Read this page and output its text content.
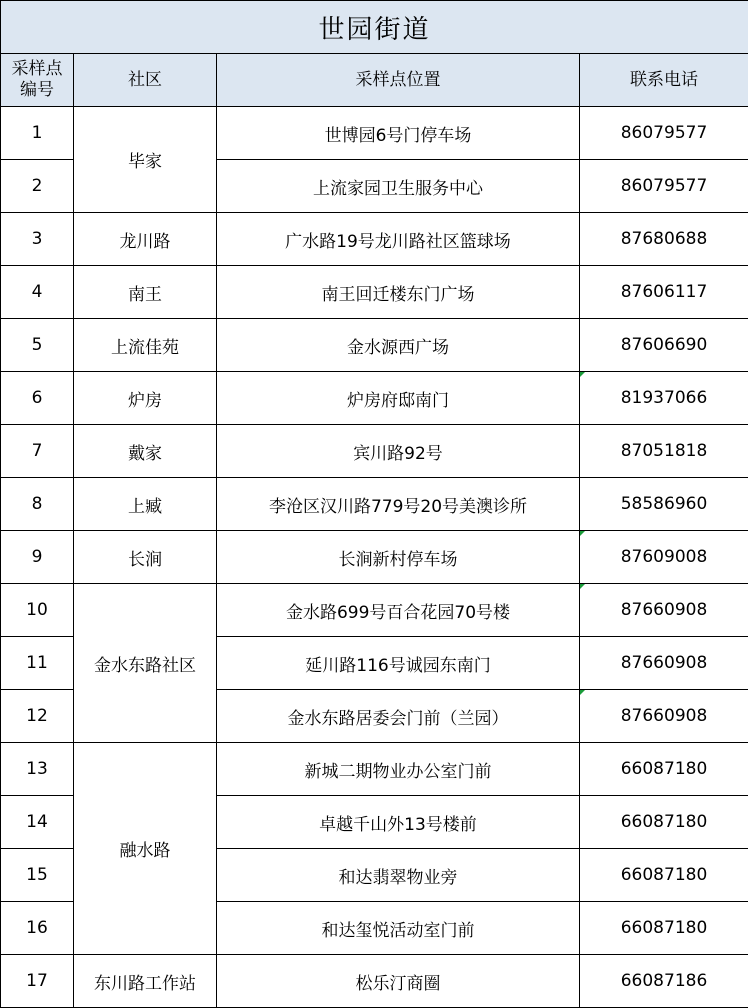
世园街道			
采样点编号	社区	采样点位置	联系电话
1	毕家	世博园6号门停车场	86079577
2		上流家园卫生服务中心	86079577
3	龙川路	广水路19号龙川路社区篮球场	87680688
4	南王	南王回迁楼东门广场	87606117
5	上流佳苑	金水源西广场	87606690
6	炉房	炉房府邸南门	81937066
7	戴家	宾川路92号	87051818
8	上臧	李沧区汉川路779号20号美澳诊所	58586960
9	长涧	长涧新村停车场	87609008
10	金水东路社区	金水路699号百合花园70号楼	87660908
11		延川路116号诚园东南门	87660908
12		金水东路居委会门前（兰园）	87660908
13	融水路	新城二期物业办公室门前	66087180
14		卓越千山外13号楼前	66087180
15		和达翡翠物业旁	66087180
16		和达玺悦活动室门前	66087180
17	东川路工作站	松乐汀商圈	66087186
